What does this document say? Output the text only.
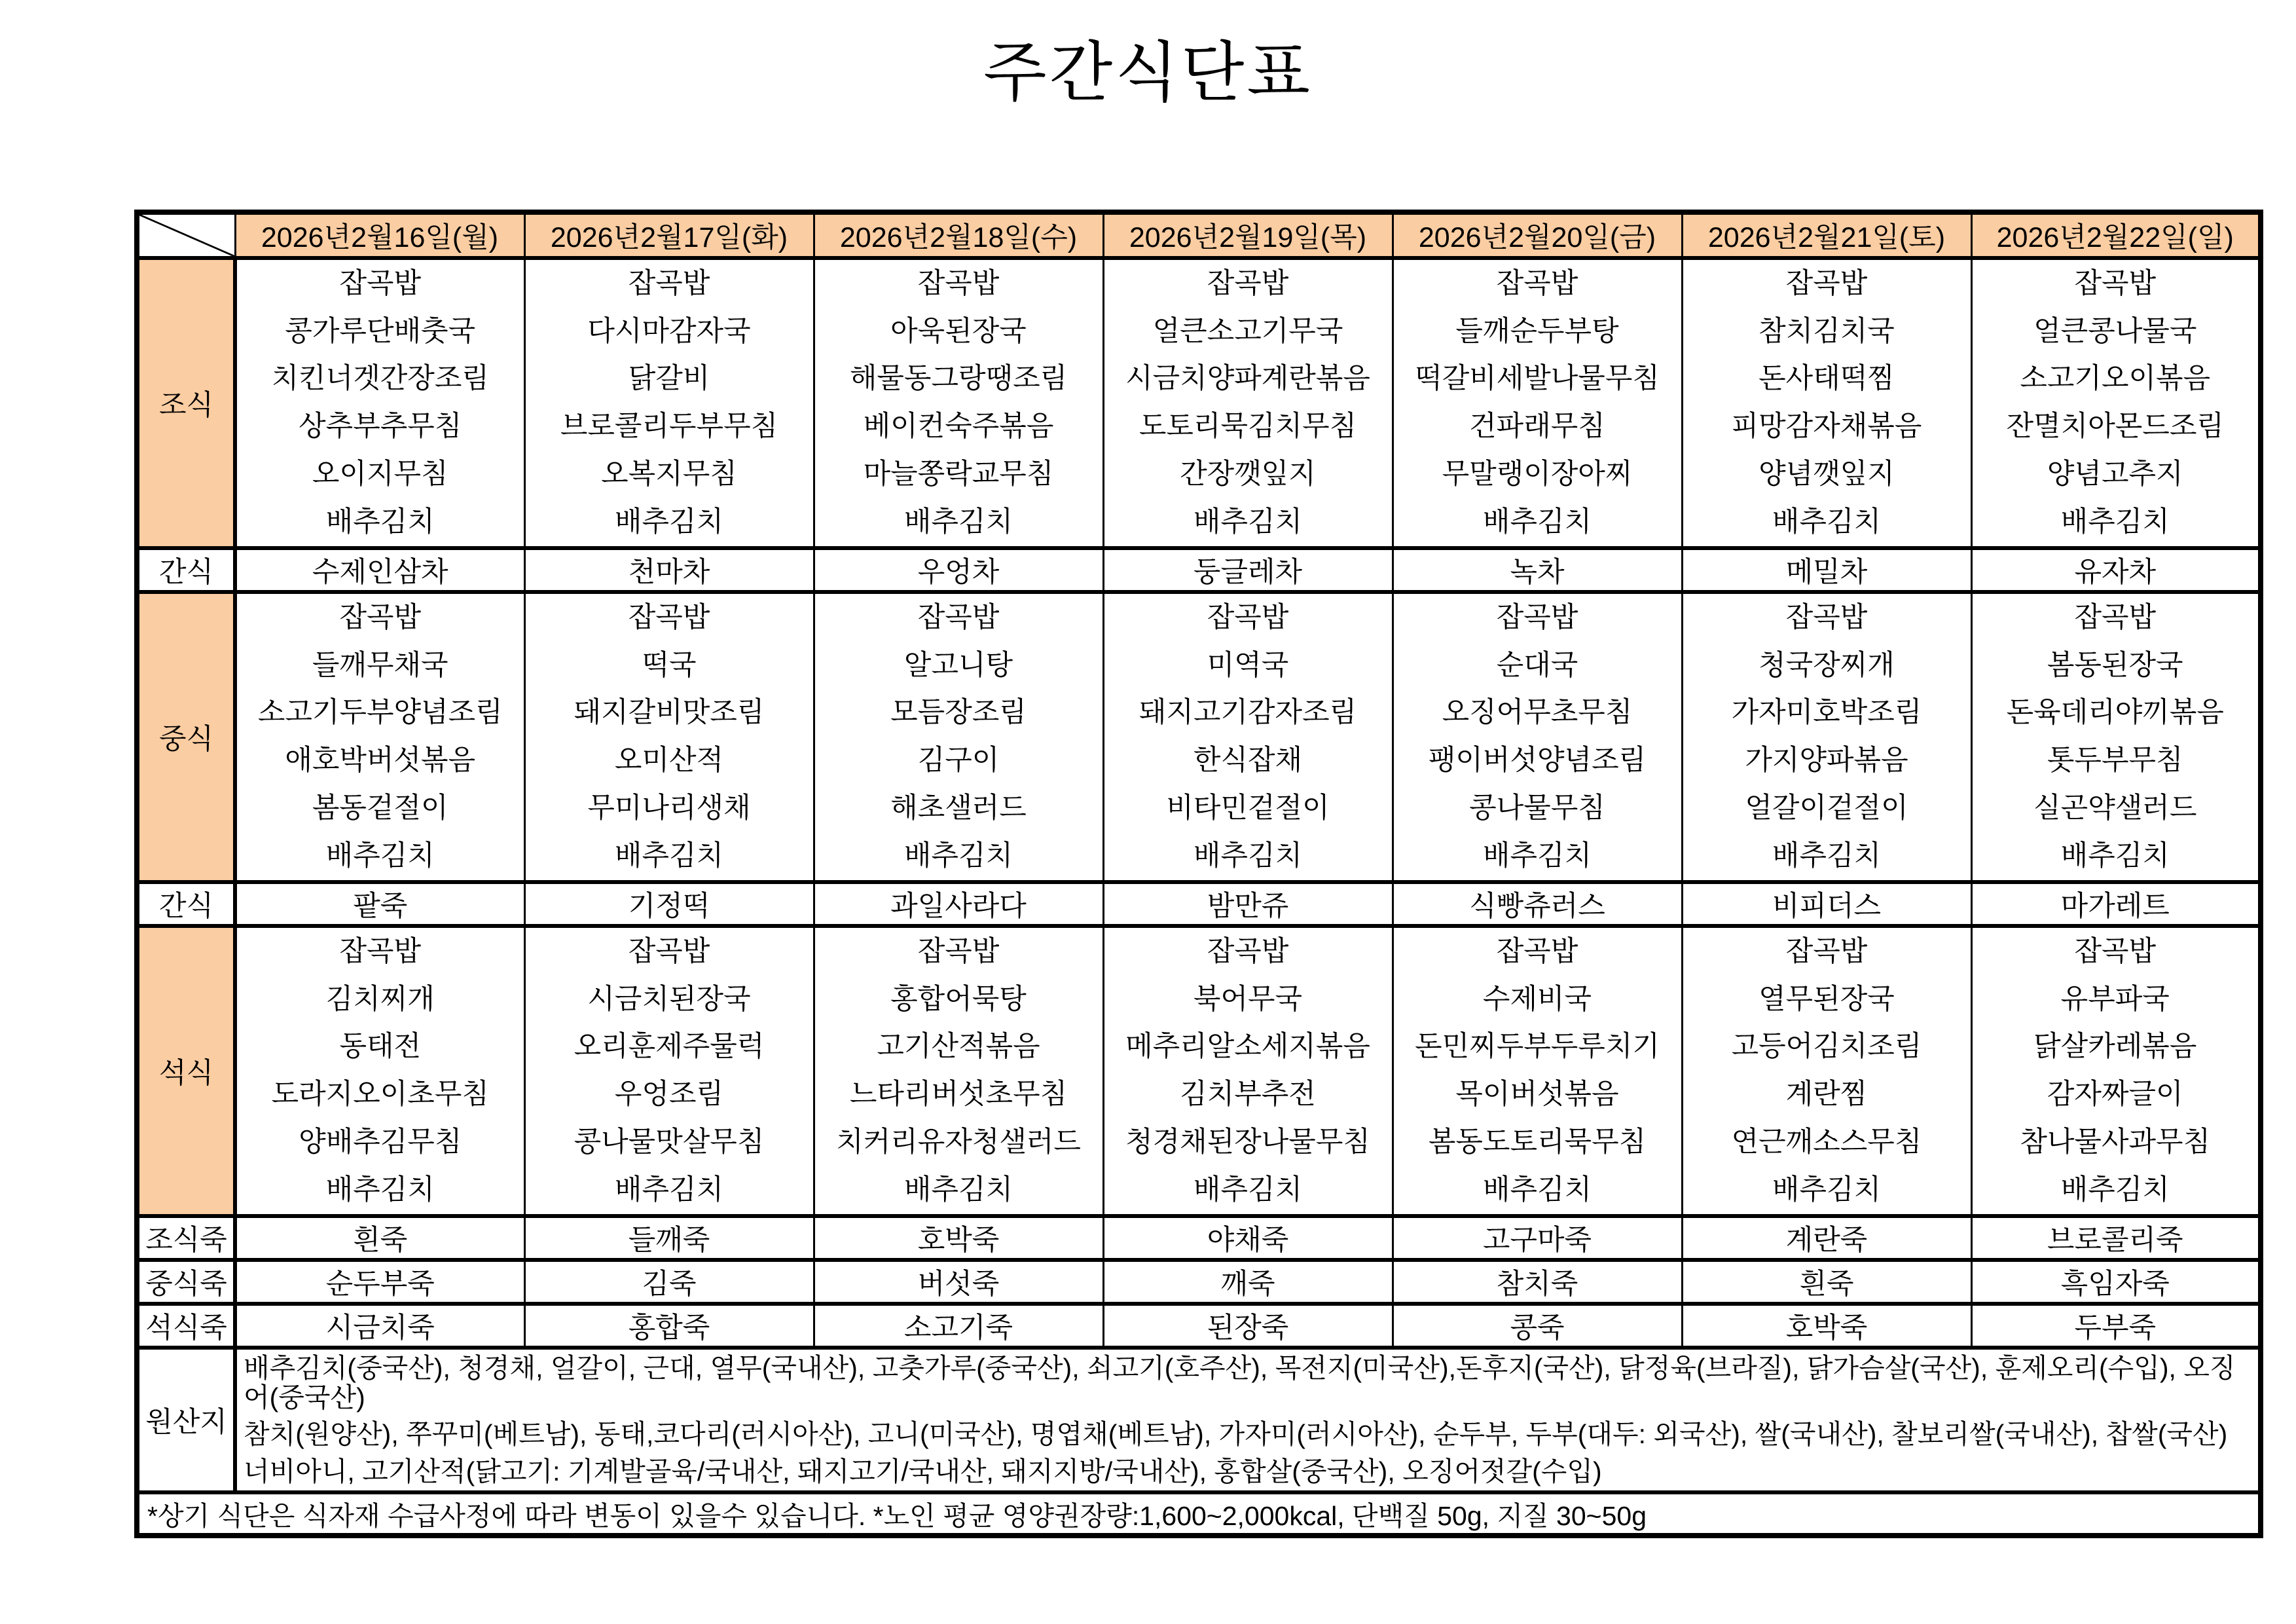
주간식단표
	2026년2월16일(월)	2026년2월17일(화)	2026년2월18일(수)	2026년2월19일(목)	2026년2월20일(금)	2026년2월21일(토)	2026년2월22일(일)
조식	
잡곡밥
콩가루단배춧국
치킨너겟간장조림
상추부추무침
오이지무침
배추김치

잡곡밥
다시마감자국
닭갈비
브로콜리두부무침
오복지무침
배추김치

잡곡밥
아욱된장국
해물동그랑땡조림
베이컨숙주볶음
마늘쫑락교무침
배추김치

잡곡밥
얼큰소고기무국
시금치양파계란볶음
도토리묵김치무침
간장깻잎지
배추김치

잡곡밥
들깨순두부탕
떡갈비세발나물무침
건파래무침
무말랭이장아찌
배추김치

잡곡밥
참치김치국
돈사태떡찜
피망감자채볶음
양념깻잎지
배추김치

잡곡밥
얼큰콩나물국
소고기오이볶음
잔멸치아몬드조림
양념고추지
배추김치

간식	수제인삼차	천마차	우엉차	둥글레차	녹차	메밀차	유자차
중식	
잡곡밥
들깨무채국
소고기두부양념조림
애호박버섯볶음
봄동겉절이
배추김치

잡곡밥
떡국
돼지갈비맛조림
오미산적
무미나리생채
배추김치

잡곡밥
알고니탕
모듬장조림
김구이
해초샐러드
배추김치

잡곡밥
미역국
돼지고기감자조림
한식잡채
비타민겉절이
배추김치

잡곡밥
순대국
오징어무초무침
팽이버섯양념조림
콩나물무침
배추김치

잡곡밥
청국장찌개
가자미호박조림
가지양파볶음
얼갈이겉절이
배추김치

잡곡밥
봄동된장국
돈육데리야끼볶음
톳두부무침
실곤약샐러드
배추김치

간식	팥죽	기정떡	과일사라다	밤만쥬	식빵츄러스	비피더스	마가레트
석식	
잡곡밥
김치찌개
동태전
도라지오이초무침
양배추김무침
배추김치

잡곡밥
시금치된장국
오리훈제주물럭
우엉조림
콩나물맛살무침
배추김치

잡곡밥
홍합어묵탕
고기산적볶음
느타리버섯초무침
치커리유자청샐러드
배추김치

잡곡밥
북어무국
메추리알소세지볶음
김치부추전
청경채된장나물무침
배추김치

잡곡밥
수제비국
돈민찌두부두루치기
목이버섯볶음
봄동도토리묵무침
배추김치

잡곡밥
열무된장국
고등어김치조림
계란찜
연근깨소스무침
배추김치

잡곡밥
유부파국
닭살카레볶음
감자짜글이
참나물사과무침
배추김치

조식죽	흰죽	들깨죽	호박죽	야채죽	고구마죽	계란죽	브로콜리죽
중식죽	순두부죽	김죽	버섯죽	깨죽	참치죽	흰죽	흑임자죽
석식죽	시금치죽	홍합죽	소고기죽	된장죽	콩죽	호박죽	두부죽
원산지	배추김치(중국산), 청경채, 얼갈이, 근대, 열무(국내산), 고춧가루(중국산), 쇠고기(호주산), 목전지(미국산),돈후지(국산), 닭정육(브라질), 닭가슴살(국산), 훈제오리(수입), 오징어(중국산)
참치(원양산), 쭈꾸미(베트남), 동태,코다리(러시아산), 고니(미국산), 명엽채(베트남), 가자미(러시아산), 순두부, 두부(대두: 외국산), 쌀(국내산), 찰보리쌀(국내산), 찹쌀(국산)
너비아니, 고기산적(닭고기: 기계발골육/국내산, 돼지고기/국내산, 돼지지방/국내산), 홍합살(중국산), 오징어젓갈(수입)						

*상기 식단은 식자재 수급사정에 따라 변동이 있을수 있습니다. *노인 평균 영양권장량:1,600~2,000kcal, 단백질 50g, 지질 30~50g							
